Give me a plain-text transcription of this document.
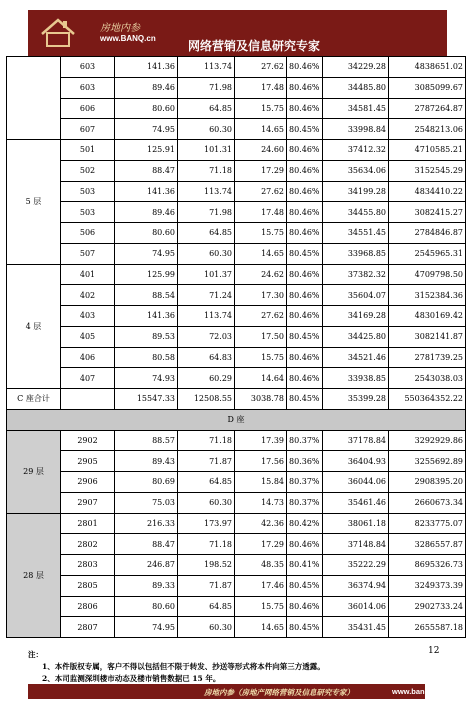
房地内参
www.BANQ.cn
网络营销及信息研究专家
	603	141.36	113.74	27.62	80.46%	34229.28	4838651.02
	603	89.46	71.98	17.48	80.46%	34485.80	3085099.67
	606	80.60	64.85	15.75	80.46%	34581.45	2787264.87
	607	74.95	60.30	14.65	80.45%	33998.84	2548213.06
5 层	501	125.91	101.31	24.60	80.46%	37412.32	4710585.21
	502	88.47	71.18	17.29	80.46%	35634.06	3152545.29
	503	141.36	113.74	27.62	80.46%	34199.28	4834410.22
	503	89.46	71.98	17.48	80.46%	34455.80	3082415.27
	506	80.60	64.85	15.75	80.46%	34551.45	2784846.87
	507	74.95	60.30	14.65	80.45%	33968.85	2545965.31
4 层	401	125.99	101.37	24.62	80.46%	37382.32	4709798.50
	402	88.54	71.24	17.30	80.46%	35604.07	3152384.36
	403	141.36	113.74	27.62	80.46%	34169.28	4830169.42
	405	89.53	72.03	17.50	80.45%	34425.80	3082141.87
	406	80.58	64.83	15.75	80.46%	34521.46	2781739.25
	407	74.93	60.29	14.64	80.46%	33938.85	2543038.03
C 座合计		15547.33	12508.55	3038.78	80.45%	35399.28	550364352.22
D 座							
29 层	2902	88.57	71.18	17.39	80.37%	37178.84	3292929.86
	2905	89.43	71.87	17.56	80.36%	36404.93	3255692.89
	2906	80.69	64.85	15.84	80.37%	36044.06	2908395.20
	2907	75.03	60.30	14.73	80.37%	35461.46	2660673.34
28 层	2801	216.33	173.97	42.36	80.42%	38061.18	8233775.07
	2802	88.47	71.18	17.29	80.46%	37148.84	3286557.87
	2803	246.87	198.52	48.35	80.41%	35222.29	8695326.73
	2805	89.33	71.87	17.46	80.45%	36374.94	3249373.39
	2806	80.60	64.85	15.75	80.46%	36014.06	2902733.24
	2807	74.95	60.30	14.65	80.45%	35431.45	2655587.18
注：
1、本件版权专属，客户不得以包括但不限于转发、抄送等形式将本件向第三方透露。
2、本司监测深圳楼市动态及楼市销售数据已 15 年。
房地内参（房地产网络营销及信息研究专家）	www.banq.cn
12
